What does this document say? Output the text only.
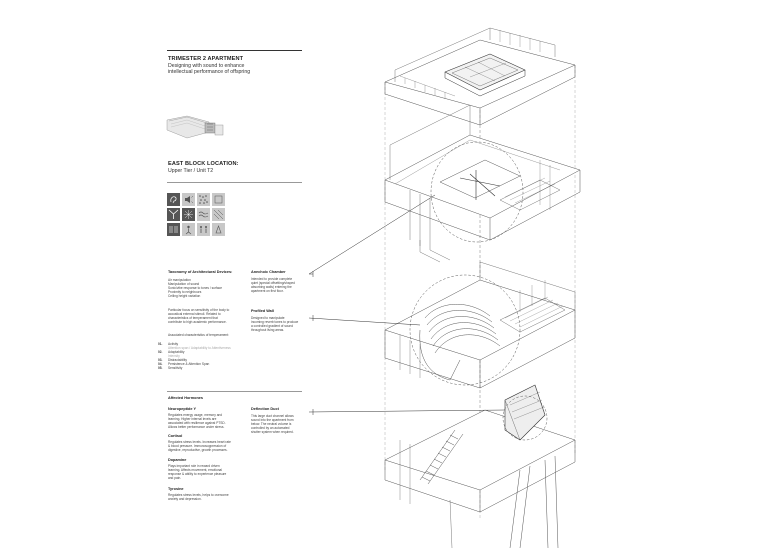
TRIMESTER 2 APARTMENT
Designing with sound to enhance
intellectual performance of offspring
EAST BLOCK LOCATION:
Upper Tier / Unit T2
Taxonomy of Architectural Devices:
Air manipulation
Manipulation of sound
Sonic/vibe response to tones / surface
Proximity to neighbours
Ceiling height variation
Particular focus on sensitivity of the body to
acoustical external stimuli. Related to
characteristics of temperament that
contribute to high academic performance.
Associated characteristics of temperament:
01. Activity
Attention span / Adaptability to Attentiveness
02. Adaptability
Intensity
03. Distractability
04. Persistence & Attention Span
05. Sensitivity
Affected Hormones
Neuropeptide Y
Regulates energy usage, memory and
learning. Higher internal levels are
associated with resilience against PTSD.
Allows better performance under stress.
Cortisol
Regulates stress levels. Increases heart rate
& blood pressure. Immunosuppression of
digestive, reproductive, growth processes.
Dopamine
Plays important role in reward driven
learning. Affects movement, emotional
response & ability to experience pleasure
and pain.
Tyrosine
Regulates stress levels, helps to overcome
anxiety and depression.
Anechoic Chamber
Intended to provide complete
quiet (special offsetting/shaped
absorbing walls) entering the
apartment on first floor.
Profiled Wall
Designed to manipulate
incoming reverb tones to produce
a controlled gradient of sound
throughout living areas.
Deflection Duct
This large duct channel allows
sound into the apartment from
below. The neutral volume is
controlled by an automated
shutter system when required.
